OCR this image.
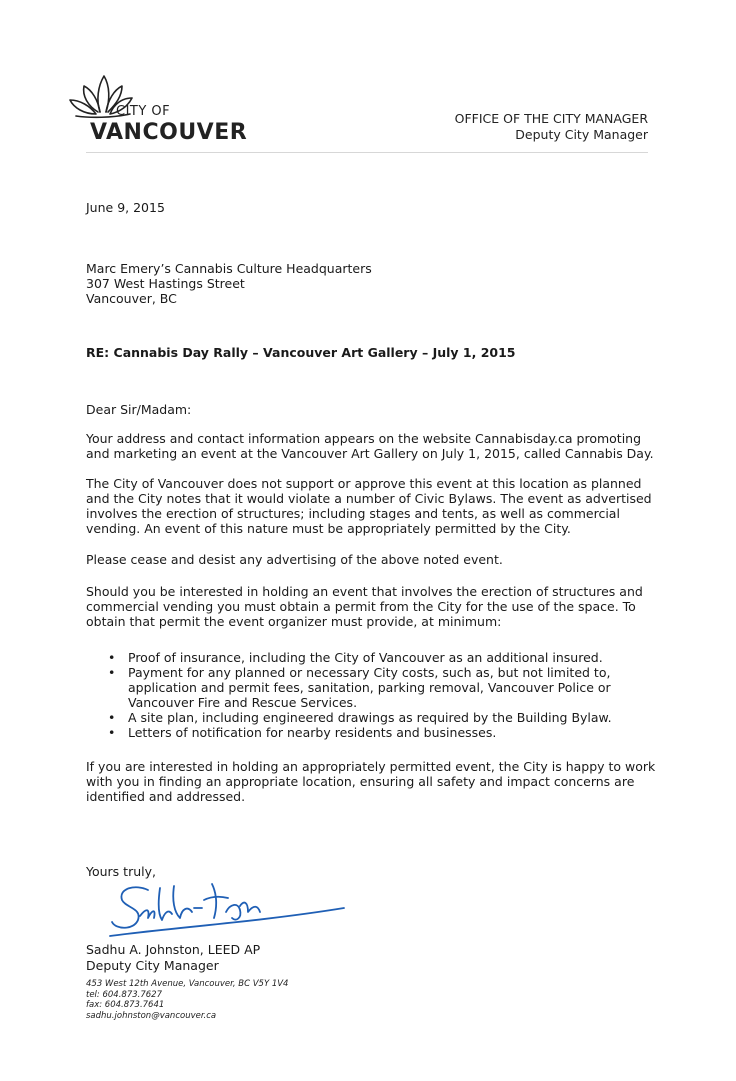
CITY OF
VANCOUVER
OFFICE OF THE CITY MANAGER
Deputy City Manager
June 9, 2015
Marc Emery’s Cannabis Culture Headquarters
307 West Hastings Street
Vancouver, BC
RE: Cannabis Day Rally – Vancouver Art Gallery – July 1, 2015
Dear Sir/Madam:
Your address and contact information appears on the website Cannabisday.ca promoting and marketing an event at the Vancouver Art Gallery on July 1, 2015, called Cannabis Day.
The City of Vancouver does not support or approve this event at this location as planned and the City notes that it would violate a number of Civic Bylaws. The event as advertised involves the erection of structures; including stages and tents, as well as commercial vending. An event of this nature must be appropriately permitted by the City.
Please cease and desist any advertising of the above noted event.
Should you be interested in holding an event that involves the erection of structures and commercial vending you must obtain a permit from the City for the use of the space. To obtain that permit the event organizer must provide, at minimum:
• Proof of insurance, including the City of Vancouver as an additional insured.
• Payment for any planned or necessary City costs, such as, but not limited to, application and permit fees, sanitation, parking removal, Vancouver Police or Vancouver Fire and Rescue Services.
• A site plan, including engineered drawings as required by the Building Bylaw.
• Letters of notification for nearby residents and businesses.
If you are interested in holding an appropriately permitted event, the City is happy to work with you in finding an appropriate location, ensuring all safety and impact concerns are identified and addressed.
Yours truly,
Sadhu A. Johnston, LEED AP
Deputy City Manager
453 West 12th Avenue, Vancouver, BC V5Y 1V4
tel: 604.873.7627
fax: 604.873.7641
sadhu.johnston@vancouver.ca
